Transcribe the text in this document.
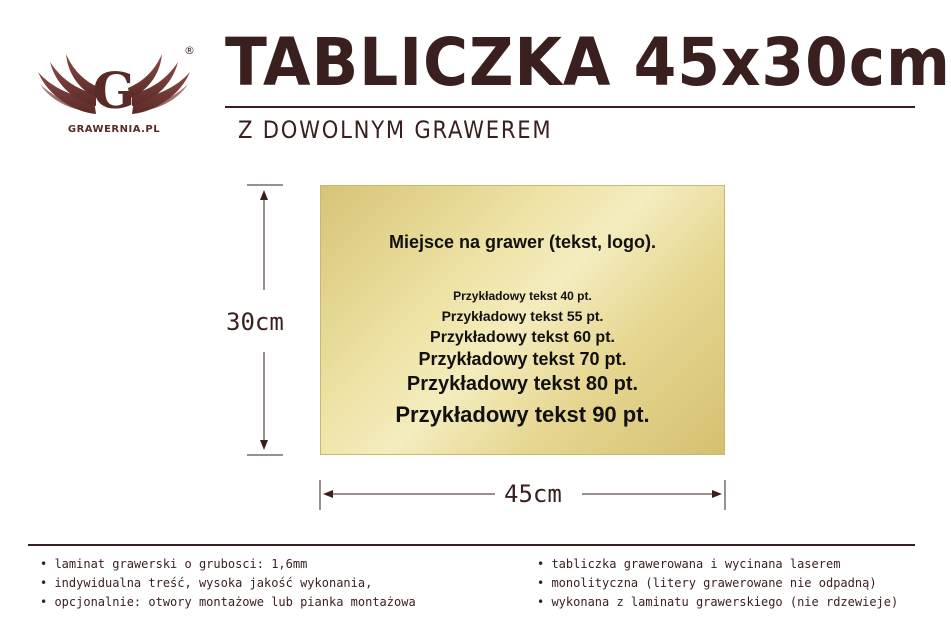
G
®
GRAWERNIA.PL
TABLICZKA 45x30cm
Z DOWOLNYM GRAWEREM
30cm
45cm
Miejsce na grawer (tekst, logo).
Przykładowy tekst 40 pt.
Przykładowy tekst 55 pt.
Przykładowy tekst 60 pt.
Przykładowy tekst 70 pt.
Przykładowy tekst 80 pt.
Przykładowy tekst 90 pt.
• laminat grawerski o grubosci: 1,6mm
• indywidualna treść, wysoka jakość wykonania,
• opcjonalnie: otwory montażowe lub pianka montażowa
• tabliczka grawerowana i wycinana laserem
• monolityczna (litery grawerowane nie odpadną)
• wykonana z laminatu grawerskiego (nie rdzewieje)
